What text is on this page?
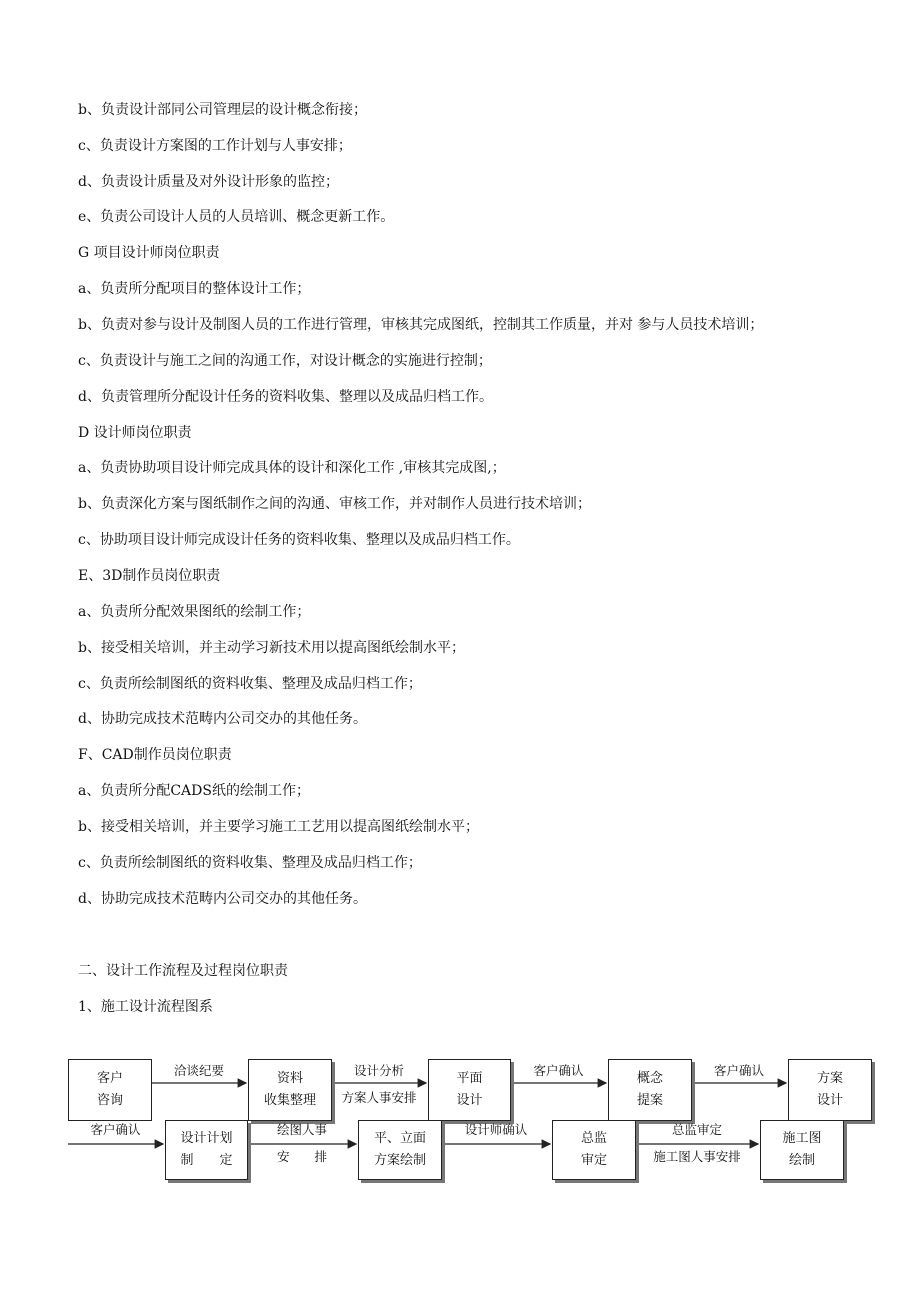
b、负责设计部同公司管理层的设计概念衔接；
c、负责设计方案图的工作计划与人事安排；
d、负责设计质量及对外设计形象的监控；
e、负责公司设计人员的人员培训、概念更新工作。
G 项目设计师岗位职责
a、负责所分配项目的整体设计工作；
b、负责对参与设计及制图人员的工作进行管理，审核其完成图纸，控制其工作质量，并对 参与人员技术培训；
c、负责设计与施工之间的沟通工作，对设计概念的实施进行控制；
d、负责管理所分配设计任务的资料收集、整理以及成品归档工作。
D 设计师岗位职责
a、负责协助项目设计师完成具体的设计和深化工作 ,审核其完成图,；
b、负责深化方案与图纸制作之间的沟通、审核工作，并对制作人员进行技术培训；
c、协助项目设计师完成设计任务的资料收集、整理以及成品归档工作。
E、3D制作员岗位职责
a、负责所分配效果图纸的绘制工作；
b、接受相关培训，并主动学习新技术用以提高图纸绘制水平；
c、负责所绘制图纸的资料收集、整理及成品归档工作；
d、协助完成技术范畴内公司交办的其他任务。
F、CAD制作员岗位职责
a、负责所分配CADS纸的绘制工作；
b、接受相关培训，并主要学习施工工艺用以提高图纸绘制水平；
c、负责所绘制图纸的资料收集、整理及成品归档工作；
d、协助完成技术范畴内公司交办的其他任务。
二、设计工作流程及过程岗位职责
1、施工设计流程图系
客户
咨询
资料
收集整理
平面
设计
概念
提案
方案
设计
洽谈纪要	设计分析
方案人事安排
客户确认	客户确认
设计计划
制　　定
平、立面
方案绘制
总监
审定
施工图
绘制
客户确认	绘图人事
安　　排
设计师确认	总监审定
施工图人事安排
